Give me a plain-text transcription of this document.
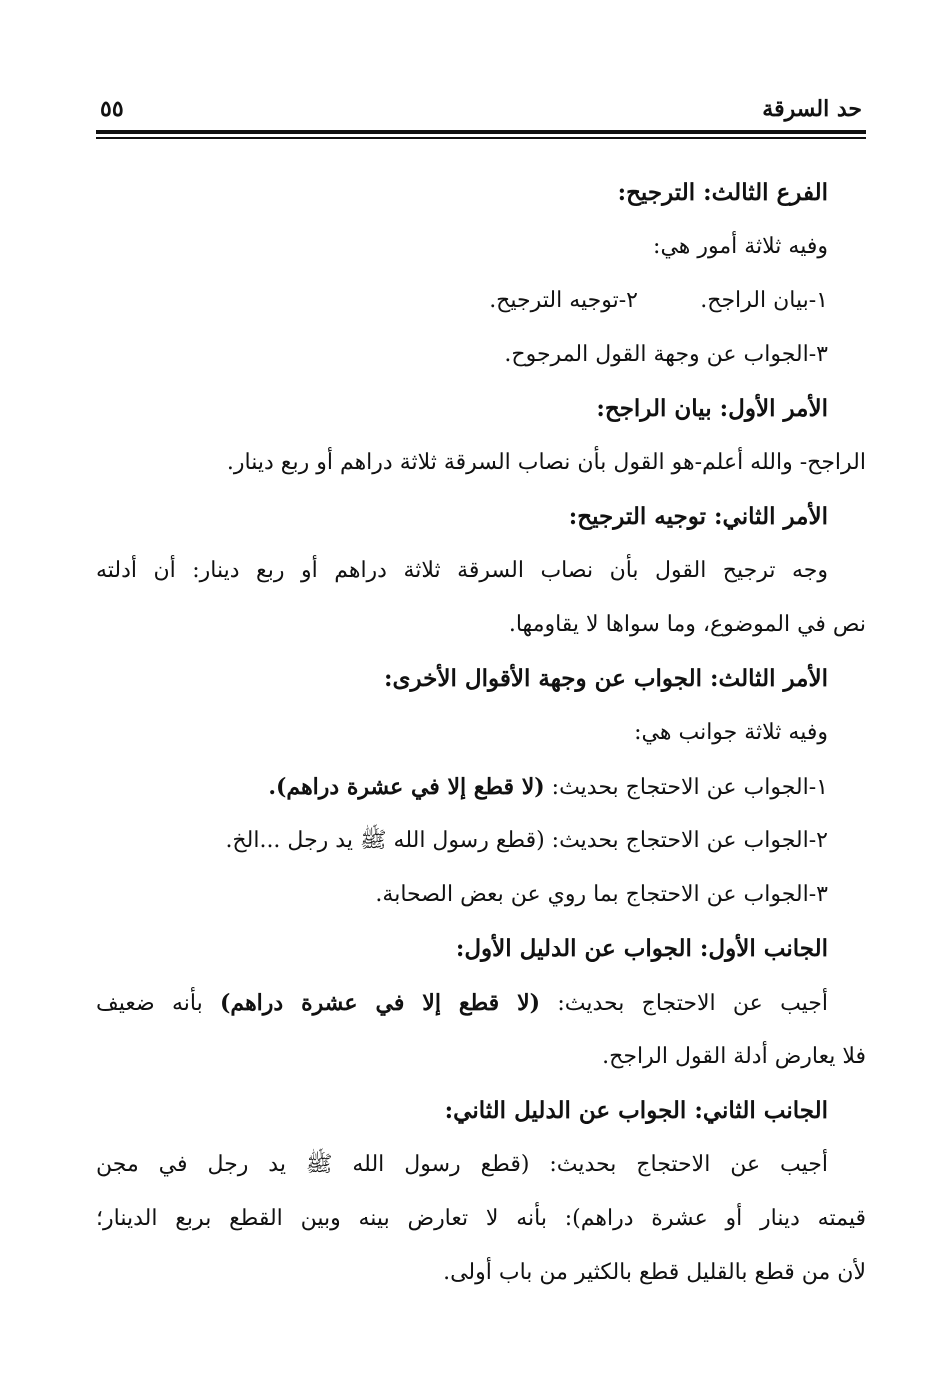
حد السرقة
٥٥
الفرع الثالث: الترجيح:
وفيه ثلاثة أمور هي:
١-بيان الراجح.
٢-توجيه الترجيح.
٣-الجواب عن وجهة القول المرجوح.
الأمر الأول: بيان الراجح:
الراجح- والله أعلم-هو القول بأن نصاب السرقة ثلاثة دراهم أو ربع دينار.
الأمر الثاني: توجيه الترجيح:
وجه ترجيح القول بأن نصاب السرقة ثلاثة دراهم أو ربع دينار: أن أدلته
نص في الموضوع، وما سواها لا يقاومها.
الأمر الثالث: الجواب عن وجهة الأقوال الأخرى:
وفيه ثلاثة جوانب هي:
١-الجواب عن الاحتجاج بحديث: (لا قطع إلا في عشرة دراهم).
٢-الجواب عن الاحتجاج بحديث: (قطع رسول الله ﷺ يد رجل ...الخ.
٣-الجواب عن الاحتجاج بما روي عن بعض الصحابة.
الجانب الأول: الجواب عن الدليل الأول:
أجيب عن الاحتجاج بحديث: (لا قطع إلا في عشرة دراهم) بأنه ضعيف
فلا يعارض أدلة القول الراجح.
الجانب الثاني: الجواب عن الدليل الثاني:
أجيب عن الاحتجاج بحديث: (قطع رسول الله ﷺ يد رجل في مجن
قيمته دينار أو عشرة دراهم): بأنه لا تعارض بينه وبين القطع بربع الدينار؛
لأن من قطع بالقليل قطع بالكثير من باب أولى.
